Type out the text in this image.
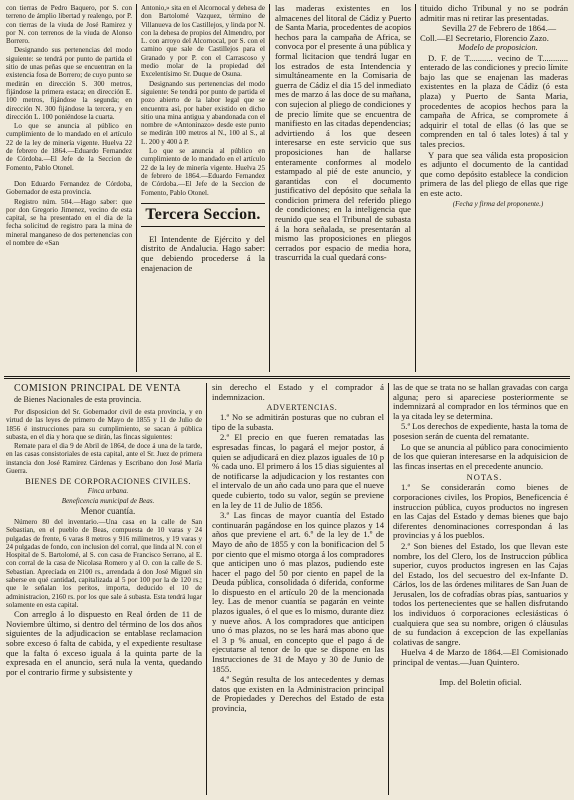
con tierras de Pedro Baquero, por S. con terreno de ámplio libertad y realengo, por P. con tierras de la viuda de José Ramirez y por N. con terrenos de la viuda de Alonso Borrero.

Designando sus pertenencias del modo siguiente: se tendrá por punto de partida el sitio de unas peñas que se encuentran en la existencia fosa de Borrero; de cuyo punto se medirán en dirección S. 300 metros, fijándose la primera estaca; en dirección E. 100 metros, fijándose la segunda; en dirección N. 300 fijándose la tercera, y en dirección L. 100 poniéndose la cuarta.

Lo que se anuncia al público en cumplimiento de lo mandado en el artículo 22 de la ley de minería vigente. Huelva 22 de febrero de 1864.—Eduardo Fernandez de Córdoba.—El Jefe de la Seccion de Fomento, Pablo Otonel.

Don Eduardo Fernandez de Córdoba, Gobernador de esta provincia.

Registro núm. 504.—Hago saber: que por don Gregorio Jimenez, vecino de esta capital, se ha presentado en el dia de la fecha solicitud de registro para la mina de mineral manganeso de dos pertenencias con el nombre de «San

Antonio,» sita en el Alcornocal y dehesa de don Bartolomé Vazquez, término de Villanueva de los Castillejos, y linda por N. con la dehesa de propios del Almendro, por L. con arroyo del Alcornocal, por S. con el camino que sale de Castillejos para el Granado y por P. con el Carrascoso y medio molar de la propiedad del Excelentísimo Sr. Duque de Osuna.

Designando sus pertenencias del modo siguiente: Se tendrá por punto de partida el pozo abierto de la labor legal que se encuentra así, por haber existido en dicho sitio una mina antigua y abandonada con el nombre de «Antoninazo» desde este punto se medirán 100 metros al N., 100 al S., al L. 200 y 400 à P.

Lo que se anuncia al público en cumplimiento de lo mandado en el artículo 22 de la ley de minería vigente. Huelva 25 de febrero de 1864.—Eduardo Fernandez de Córdoba.—El Jefe de la Seccion de Fomento, Pablo Otonel.

Tercera Seccion.

El Intendente de Ejército y del distrito de Andalucia. Hago saber: que debiendo procederse á la enajenacion de

las maderas existentes en los almacenes del litoral de Cádiz y Puerto de Santa Maria, procedentes de acopios hechos para la campaña de Africa, se convoca por el presente á una pública y formal licitacion que tendrá lugar en los estrados de esta Intendencia y simultáneamente en la Comisaria de guerra de Cádiz el dia 15 del inmediato mes de marzo á las doce de su mañana, con sujecion al pliego de condiciones y de precio límite que se encuentra de manifiesto en las citadas dependencias; advirtiendo á los que deseen interesarse en este servicio que sus proposiciones han de hallarse enteramente conformes al modelo estampado al pié de este anuncio, y garantidas con el documento justificativo del depósito que señala la condicion primera del referido pliego de condiciones; en la inteligencia que reunido que sea el Tribunal de subasta á la hora señalada, se presentarán al mismo las proposiciones en pliegos cerrados por espacio de media hora, trascurrida la cual quedará cons-

tituido dicho Tribunal y no se podrán admitir mas ni retirar las presentadas.

Sevilla 27 de Febrero de 1864.—Coll.—El Secretario, Florencio Zazo.

Modelo de proposicion.

D. F. de T........... vecino de T............ enterado de las condiciones y precio límite bajo las que se enajenan las maderas existentes en la plaza de Cádiz (ó esta plaza) y Puerto de Santa Maria, procedentes de acopios hechos para la campaña de Africa, se compromete á adquirir el total de ellas (ó las que se comprenden en tal ó tales lotes) á tal y tales precios.

Y para que sea válida esta proposicion es adjunto el documento de la cantidad que como depósito establece la condicion primera de las del pliego de ellas que rige en este acto.

(Fecha y firma del proponente.)

COMISION PRINCIPAL DE VENTA

de Bienes Nacionales de esta provincia.

Por disposicion del Sr. Gobernador civil de esta provincia, y en virtud de las leyes de primero de Mayo de 1855 y 11 de Julio de 1856 é instrucciones para su cumplimiento, se sacan á pública subasta, en el dia y hora que se dirán, las fincas siguientes:

Remate para el dia 9 de Abril de 1864, de doce á una de la tarde, en las casas consistoriales de esta capital, ante el Sr. Juez de primera instancia don José Ramirez Cárdenas y Escribano don José María Guerra.

BIENES DE CORPORACIONES CIVILES.

Finca urbana.

Beneficencia municipal de Beas.

Menor cuantía.

Número 80 del inventario.—Una casa en la calle de San Sebastian, en el pueblo de Beas, compuesta de 10 varas y 24 pulgadas de frente, 6 varas 8 metros y 916 milímetros, y 19 varas y 24 pulgadas de fondo, con inclusion del corral, que linda al N. con el Hospital de S. Bartolomé, al S. con casa de Francisco Serrano, al E. con corral de la casa de Nicolasa Romero y al O. con la calle de S. Sebastian. Aprecíada en 2100 rs., arrendada á don José Miguel sin saberse en qué cantidad, capitalizada al 5 por 100 por la de 120 rs.; que le señalan los peritos, importa, deducido el 10 de administracion, 2160 rs. por los que sale á subasta. Esta tendrá lugar solamente en esta capital.

Con arreglo á lo dispuesto en Real órden de 11 de Noviembre último, si dentro del término de los dos años siguientes de la adjudicacion se entablase reclamacion sobre exceso ó falta de cabida, y el expediente resultase que la falta ó exceso iguala á la quinta parte de la expresada en el anuncio, será nula la venta, quedando por el contrario firme y subsistente y

sin derecho el Estado y el comprador á indemnizacion.

ADVERTENCIAS.

1.ª No se admitirán posturas que no cubran el tipo de la subasta.

2.ª El precio en que fueren rematadas las espresadas fincas, lo pagará el mejor postor, á quien se adjudicará en diez plazos iguales de 10 p % cada uno. El primero á los 15 dias siguientes al de notificarse la adjudicacion y los restantes con el intervalo de un año cada uno para que el nueve quede cubierto, todo su valor, según se previene en la ley de 11 de Julio de 1856.

3.ª Las fincas de mayor cuantía del Estado continuarán pagándose en los quince plazos y 14 años que previene el art. 6.º de la ley de 1.º de Mayo de año de 1855 y con la bonificacion del 5 por ciento que el mismo otorga á los compradores que anticipen uno ó mas plazos, pudiendo este hacer el pago del 50 por ciento en papel de la Deuda pública, consolidada ó diferida, conforme lo dispuesto en el artículo 20 de la mencionada ley. Las de menor cuantía se pagarán en veinte plazos iguales, ó el que es lo mismo, durante diez y nueve años. A los compradores que anticipen uno ó mas plazos, no se les hará mas abono que el 3 p % anual, en concepto que el pago á de ejecutarse al tenor de lo que se dispone en las Instrucciones de 31 de Mayo y 30 de Junio de 1855.

4.ª Según resulta de los antecedentes y demas datos que existen en la Administracion principal de Propiedades y Derechos del Estado de esta provincia,

las de que se trata no se hallan gravadas con carga alguna; pero si apareciese posteriormente se indemnizará al comprador en los términos que en la ya citada ley se determina.

5.ª Los derechos de expediente, hasta la toma de posesion serán de cuenta del rematante.

Lo que se anuncia al público para conocimiento de los que quieran interesarse en la adquisicion de las fincas insertas en el precedente anuncio.

NOTAS.

1.ª Se considerarán como bienes de corporaciones civiles, los Propios, Beneficencia é instruccion pública, cuyos productos no ingresen en las Cajas del Estado y demas bienes que bajo diferentes denominaciones correspondan á las provincias y á los pueblos.

2.ª Son bienes del Estado, los que llevan este nombre, los del Clero, los de Instruccion pública superior, cuyos productos ingresen en las Cajas del Estado, los del secuestro del ex-Infante D. Cárlos, los de las órdenes militares de San Juan de Jerusalen, los de cofradías obras pías, santuarios y todos los pertenecientes que se hallen disfrutando los individuos ó corporaciones eclesiásticas ó cualquiera que sea su nombre, origen ó cláusulas de su fundacion á excepcion de las expellanías colativas de sangre.

Huelva 4 de Marzo de 1864.—El Comisionado principal de ventas.—Juan Quintero.

Imp. del Boletin oficial.
